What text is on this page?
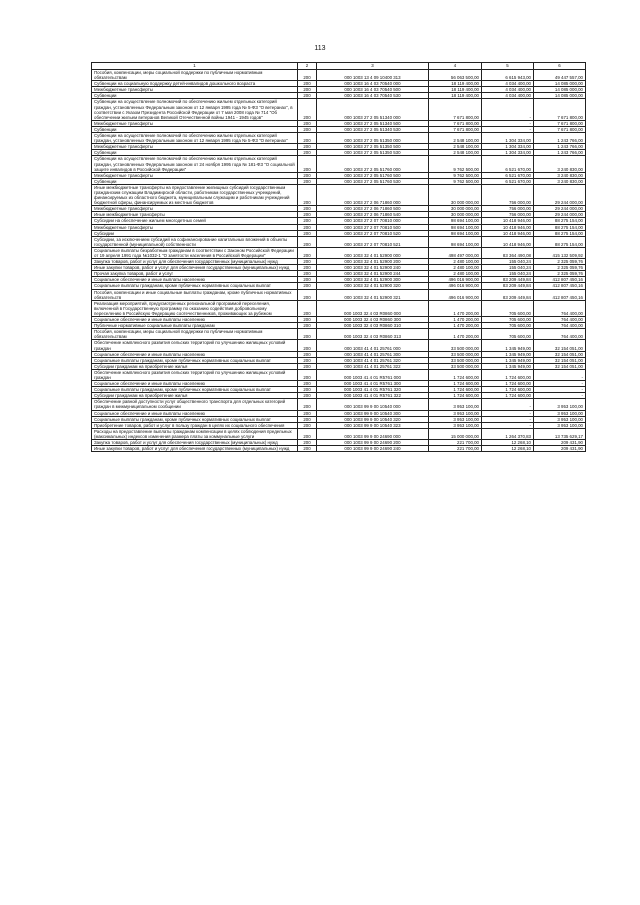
113
1	2	3	4	5	6
Пособия, компенсации, меры социальной поддержки по публичным нормативным обязательствам	200	000 1003 13 4 09 10400 313	56 063 500,00	6 615 943,00	49 447 557,00
Субвенции на социальную поддержку детей-инвалидов дошкольного возраста	200	000 1003 16 4 03 70540 000	18 119 400,00	4 034 400,00	14 085 000,00
Межбюджетные трансферты	200	000 1003 16 4 03 70540 500	18 119 400,00	4 034 400,00	14 085 000,00
Субвенции	200	000 1003 16 4 03 70540 530	18 119 400,00	4 034 400,00	14 085 000,00
Субвенции на осуществление полномочий по обеспечению жильем отдельных категорий граждан, установленных Федеральным законом от 12 января 1995 года № 5-ФЗ "О ветеранах", в соответствии с Указом Президента Российской Федерации от 7 мая 2008 года № 714 "Об обеспечении жильем ветеранов Великой Отечественной войны 1941 - 1945 годов"	200	000 1003 27 2 05 51340 000	7 671 800,00	-	7 671 800,00
Межбюджетные трансферты	200	000 1003 27 2 05 51340 500	7 671 800,00	-	7 671 800,00
Субвенции	200	000 1003 27 2 05 51340 530	7 671 800,00	-	7 671 800,00
Субвенции на осуществление полномочий по обеспечению жильем отдельных категорий граждан, установленных Федеральным законом от 12 января 1995 года № 5-ФЗ "О ветеранах"	200	000 1003 27 2 05 51350 000	2 548 100,00	1 304 334,00	1 243 766,00
Межбюджетные трансферты	200	000 1003 27 2 05 51350 500	2 548 100,00	1 304 334,00	1 243 766,00
Субвенции	200	000 1003 27 2 05 51350 530	2 548 100,00	1 304 334,00	1 243 766,00
Субвенции на осуществление полномочий по обеспечению жильем отдельных категорий граждан, установленных Федеральным законом от 24 ноября 1995 года № 181-ФЗ "О социальной защите инвалидов в Российской Федерации"	200	000 1003 27 2 05 51760 000	9 762 500,00	6 521 670,00	3 240 830,00
Межбюджетные трансферты	200	000 1003 27 2 05 51760 500	9 762 500,00	6 521 670,00	3 240 830,00
Субвенции	200	000 1003 27 2 05 51760 530	9 762 500,00	6 521 670,00	3 240 830,00
Иные межбюджетные трансферты на предоставление жилищных субсидий государственным гражданским служащим Владимирской области, работникам государственных учреждений, финансируемых из областного бюджета, муниципальным служащим и работникам учреждений бюджетной сферы, финансируемых из местных бюджетов	200	000 1003 27 2 06 71860 000	30 000 000,00	756 000,00	29 244 000,00
Межбюджетные трансферты	200	000 1003 27 2 06 71860 500	30 000 000,00	756 000,00	29 244 000,00
Иные межбюджетные трансферты	200	000 1003 27 2 06 71860 540	30 000 000,00	756 000,00	29 244 000,00
Субсидии на обеспечение жильем многодетных семей	200	000 1003 27 2 07 70810 000	98 694 100,00	10 418 946,00	88 275 154,00
Межбюджетные трансферты	200	000 1003 27 2 07 70810 500	98 694 100,00	10 418 946,00	88 275 154,00
Субсидии	200	000 1003 27 2 07 70810 520	98 694 100,00	10 418 946,00	88 275 154,00
Субсидии, за исключением субсидий на софинансирование капитальных вложений в объекты государственной (муниципальной) собственности	200	000 1003 27 2 07 70810 521	98 694 100,00	10 418 946,00	88 275 154,00
Социальные выплаты безработным гражданам в соответствии с Законом Российской Федерации от 19 апреля 1991 года №1032-1 "О занятости населения в Российской Федерации"	200	000 1003 32 4 01 52900 000	498 497 000,00	83 364 490,08	415 132 509,92
Закупка товаров, работ и услуг для обеспечения государственных (муниципальных) нужд	200	000 1003 32 4 01 52900 200	2 480 100,00	155 040,24	2 325 059,76
Иные закупки товаров, работ и услуг для обеспечения государственных (муниципальных) нужд	200	000 1003 32 4 01 52900 240	2 480 100,00	155 040,24	2 325 059,76
Прочая закупка товаров, работ и услуг	200	000 1003 32 4 01 52900 244	2 480 100,00	155 040,24	2 325 059,76
Социальное обеспечение и иные выплаты населению	200	000 1003 32 4 01 52900 300	496 016 900,00	83 209 449,84	412 807 450,16
Социальные выплаты гражданам, кроме публичных нормативных социальных выплат	200	000 1003 32 4 01 52900 320	496 016 900,00	83 209 449,84	412 807 450,16
Пособия, компенсации и иные социальные выплаты гражданам, кроме публичных нормативных обязательств	200	000 1003 32 4 01 52900 321	496 016 900,00	83 209 449,84	412 807 450,16
Реализация мероприятий, предусмотренных региональной программой переселения, включенной в Государственную программу по оказанию содействия добровольному переселению в Российскую Федерацию соотечественников, проживающих за рубежом	200	000 1003 32 4 03 R0860 000	1 470 200,00	705 600,00	764 400,00
Социальное обеспечение и иные выплаты населению	200	000 1003 32 4 03 R0860 300	1 470 200,00	705 600,00	764 400,00
Публичные нормативные социальные выплаты гражданам	200	000 1003 32 4 03 R0860 310	1 470 200,00	705 600,00	764 400,00
Пособия, компенсации, меры социальной поддержки по публичным нормативным обязательствам	200	000 1003 32 4 03 R0860 313	1 470 200,00	705 600,00	764 400,00
Обеспечение комплексного развития сельских территорий по улучшению жилищных условий граждан	200	000 1003 41 4 01 25761 000	33 500 000,00	1 345 949,00	32 154 051,00
Социальное обеспечение и иные выплаты населению	200	000 1003 41 4 01 25761 300	33 500 000,00	1 345 949,00	32 154 051,00
Социальные выплаты гражданам, кроме публичных нормативных социальных выплат	200	000 1003 41 4 01 25761 320	33 500 000,00	1 345 949,00	32 154 051,00
Субсидии гражданам на приобретение жилья	200	000 1003 41 4 01 25761 322	33 500 000,00	1 345 949,00	32 154 051,00
Обеспечение комплексного развития сельских территорий по улучшению жилищных условий граждан	200	000 1003 41 4 01 R5761 000	1 724 600,00	1 724 600,00	-
Социальное обеспечение и иные выплаты населению	200	000 1003 41 4 01 R5761 300	1 724 600,00	1 724 600,00	-
Социальные выплаты гражданам, кроме публичных нормативных социальных выплат	200	000 1003 41 4 01 R5761 320	1 724 600,00	1 724 600,00	-
Субсидии гражданам на приобретение жилья	200	000 1003 41 4 01 R5761 322	1 724 600,00	1 724 600,00	-
Обеспечение равной доступности услуг общественного транспорта для отдельных категорий граждан в межмуниципальном сообщении	200	000 1003 99 9 00 10540 000	3 953 100,00	-	3 953 100,00
Социальное обеспечение и иные выплаты населению	200	000 1003 99 9 00 10540 300	3 953 100,00	-	3 953 100,00
Социальные выплаты гражданам, кроме публичных нормативных социальных выплат	200	000 1003 99 9 00 10540 320	3 953 100,00	-	3 953 100,00
Приобретение товаров, работ и услуг в пользу граждан в целях их социального обеспечения	200	000 1003 99 9 00 10540 323	3 953 100,00	-	3 953 100,00
Расходы на предоставление выплаты гражданам компенсации в целях соблюдения предельных (максимальных) индексов изменения размера платы за коммунальные услуги	200	000 1003 99 9 00 24690 000	15 000 000,00	1 264 370,83	13 735 629,17
Закупка товаров, работ и услуг для обеспечения государственных (муниципальных) нужд	200	000 1003 99 9 00 24690 200	221 700,00	12 268,10	209 431,90
Иные закупки товаров, работ и услуг для обеспечения государственных (муниципальных) нужд	200	000 1003 99 9 00 24690 240	221 700,00	12 268,10	209 431,90
